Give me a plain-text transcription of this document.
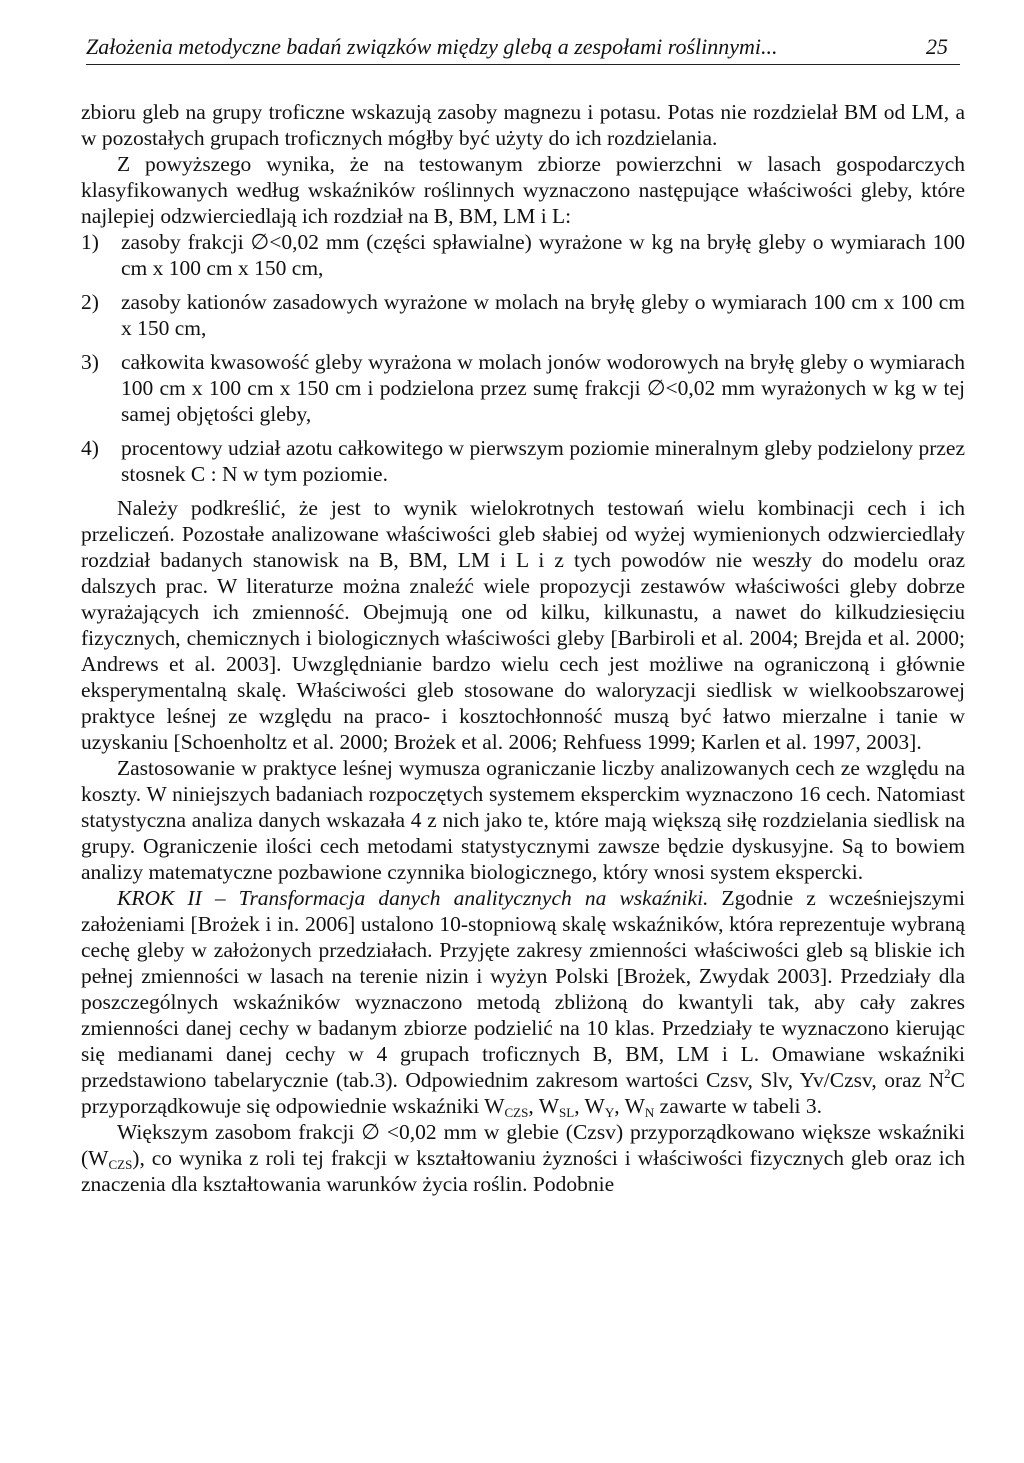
Założenia metodyczne badań związków między glebą a zespołami roślinnymi...	25

zbioru gleb na grupy troficzne wskazują zasoby magnezu i potasu. Potas nie rozdzielał BM od LM, a w pozostałych grupach troficznych mógłby być użyty do ich rozdzielania.

Z powyższego wynika, że na testowanym zbiorze powierzchni w lasach gospodarczych klasyfikowanych według wskaźników roślinnych wyznaczono następujące właściwości gleby, które najlepiej odzwierciedlają ich rozdział na B, BM, LM i L:

1)	zasoby frakcji ∅<0,02 mm (części spławialne) wyrażone w kg na bryłę gleby o wymiarach 100 cm x 100 cm x 150 cm,
2)	zasoby kationów zasadowych wyrażone w molach na bryłę gleby o wymiarach 100 cm x 100 cm x 150 cm,
3)	całkowita kwasowość gleby wyrażona w molach jonów wodorowych na bryłę gleby o wymiarach 100 cm x 100 cm x 150 cm i podzielona przez sumę frakcji ∅<0,02 mm wyrażonych w kg w tej samej objętości gleby,
4)	procentowy udział azotu całkowitego w pierwszym poziomie mineralnym gleby podzielony przez stosnek C : N w tym poziomie.

Należy podkreślić, że jest to wynik wielokrotnych testowań wielu kombinacji cech i ich przeliczeń. Pozostałe analizowane właściwości gleb słabiej od wyżej wymienionych odzwierciedlały rozdział badanych stanowisk na B, BM, LM i L i z tych powodów nie weszły do modelu oraz dalszych prac. W literaturze można znaleźć wiele propozycji zestawów właściwości gleby dobrze wyrażających ich zmienność. Obejmują one od kilku, kilkunastu, a nawet do kilkudziesięciu fizycznych, chemicznych i biologicznych właściwości gleby [Barbiroli et al. 2004; Brejda et al. 2000; Andrews et al. 2003]. Uwzględnianie bardzo wielu cech jest możliwe na ograniczoną i głównie eksperymentalną skalę. Właściwości gleb stosowane do waloryzacji siedlisk w wielkoobszarowej praktyce leśnej ze względu na praco- i kosztochłonność muszą być łatwo mierzalne i tanie w uzyskaniu [Schoenholtz et al. 2000; Brożek et al. 2006; Rehfuess 1999; Karlen et al. 1997, 2003].

Zastosowanie w praktyce leśnej wymusza ograniczanie liczby analizowanych cech ze względu na koszty. W niniejszych badaniach rozpoczętych systemem eksperckim wyznaczono 16 cech. Natomiast statystyczna analiza danych wskazała 4 z nich jako te, które mają większą siłę rozdzielania siedlisk na grupy. Ograniczenie ilości cech metodami statystycznymi zawsze będzie dyskusyjne. Są to bowiem analizy matematyczne pozbawione czynnika biologicznego, który wnosi system ekspercki.

KROK II – Transformacja danych analitycznych na wskaźniki. Zgodnie z wcześniejszymi założeniami [Brożek i in. 2006] ustalono 10-stopniową skalę wskaźników, która reprezentuje wybraną cechę gleby w założonych przedziałach. Przyjęte zakresy zmienności właściwości gleb są bliskie ich pełnej zmienności w lasach na terenie nizin i wyżyn Polski [Brożek, Zwydak 2003]. Przedziały dla poszczególnych wskaźników wyznaczono metodą zbliżoną do kwantyli tak, aby cały zakres zmienności danej cechy w badanym zbiorze podzielić na 10 klas. Przedziały te wyznaczono kierując się medianami danej cechy w 4 grupach troficznych B, BM, LM i L. Omawiane wskaźniki przedstawiono tabelarycznie (tab.3). Odpowiednim zakresom wartości Czsv, Slv, Yv/Czsv, oraz $N^2C$ przyporządkowuje się odpowiednie wskaźniki $W_{CZS}$, $W_{SL}$, $W_Y$, $W_N$ zawarte w tabeli 3.

Większym zasobom frakcji ∅ <0,02 mm w glebie (Czsv) przyporządkowano większe wskaźniki $(W_{CZS})$, co wynika z roli tej frakcji w kształtowaniu żyzności i właściwości fizycznych gleb oraz ich znaczenia dla kształtowania warunków życia roślin. Podobnie
